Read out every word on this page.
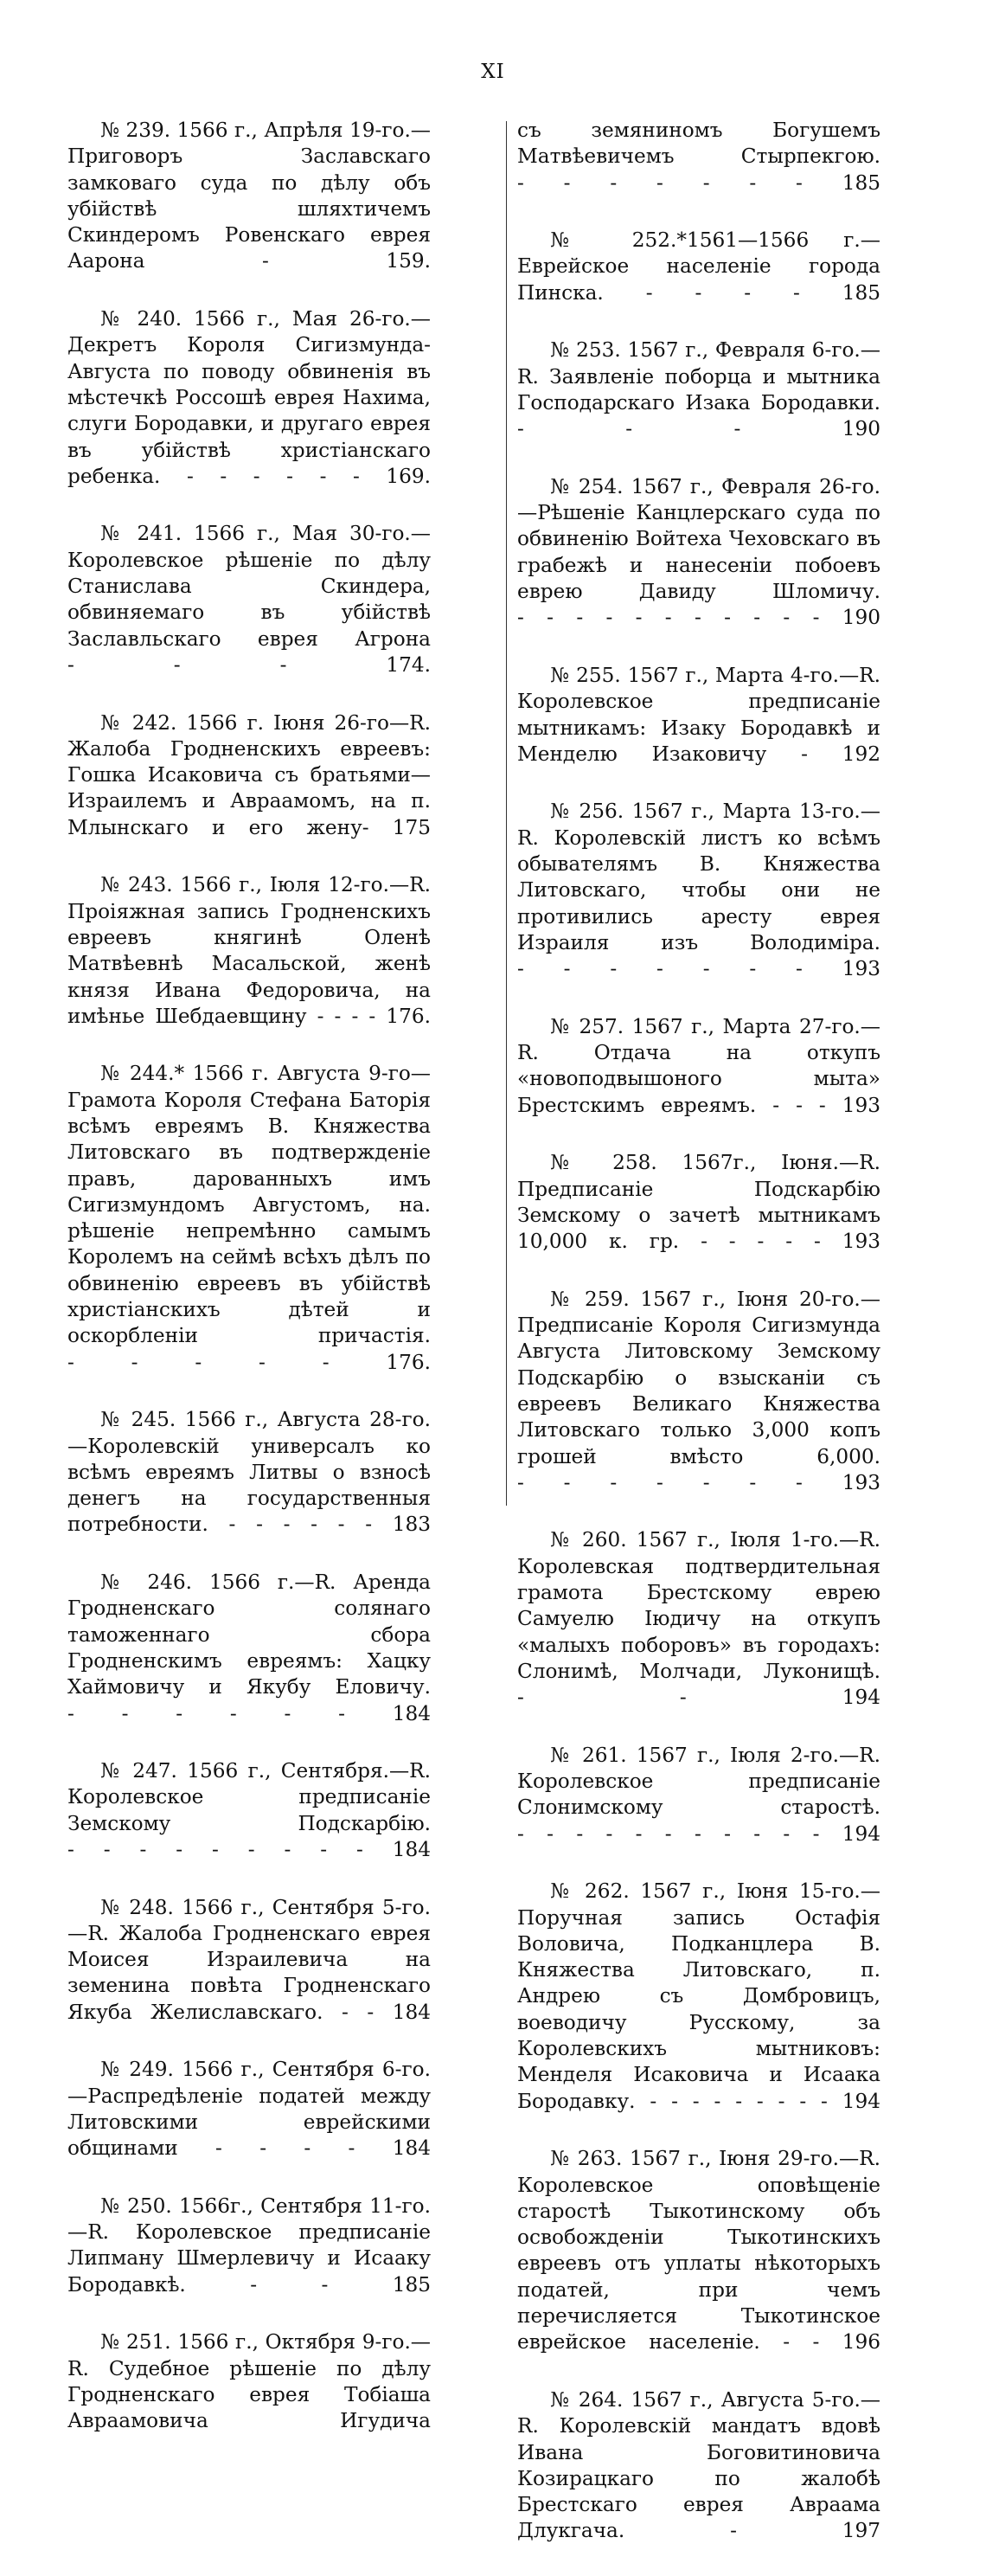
XI

№ 239. 1566 г., Апрѣля 19-го.—Приговоръ Заславскаго замковаго суда по дѣлу объ убійствѣ шляхтичемъ Скиндеромъ Ровенскаго еврея Аарона	- 159.

№ 240. 1566 г., Мая 26-го.—Декретъ Короля Сигизмунда-Августа по поводу обвиненія въ мѣстечкѣ Россошѣ еврея Нахима, слуги Бородавки, и другаго еврея въ убійствѣ христіанскаго ребенка. - - - - - - 169.

№ 241. 1566 г., Мая 30-го.—Королевское рѣшеніе по дѣлу Станислава Скиндера, обвиняемаго въ убійствѣ Заславльскаго еврея Агрона - - - 174.

№ 242. 1566 г. Іюня 26-го—R. Жалоба Гродненскихъ евреевъ: Гошка Исаковича съ братьями—Израилемъ и Авраамомъ, на п. Млынскаго и его жену- 175

№ 243. 1566 г., Іюля 12-го.—R. Проіяжная запись Гродненскихъ евреевъ княгинѣ Оленѣ Матвѣевнѣ Масальской, женѣ князя Ивана Федоровича, на имѣнье Шебдаевщину - - - - 176.

№ 244.* 1566 г. Августа 9-го—Грамота Короля Стефана Баторія всѣмъ евреямъ В. Княжества Литовскаго въ подтвержденіе правъ, дарованныхъ имъ Сигизмундомъ Августомъ, на. рѣшеніе непремѣнно самымъ Королемъ на сеймѣ всѣхъ дѣлъ по обвиненію евреевъ въ убійствѣ христіанскихъ дѣтей и оскорбленіи причастія. - - - - - 176.

№ 245. 1566 г., Августа 28-го.—Королевскій универсалъ ко всѣмъ евреямъ Литвы о взносѣ денегъ на государственныя потребности. - - - - - - 183

№ 246. 1566 г.—R. Аренда Гродненскаго солянаго таможеннаго сбора Гродненскимъ евреямъ: Хацку Хаймовичу и Якубу Еловичу. - - - - - - 184

№ 247. 1566 г., Сентября.—R. Королевское предписаніе Земскому Подскарбію. - - - - - - - - - 184

№ 248. 1566 г., Сентября 5-го.—R. Жалоба Гродненскаго еврея Моисея Израилевича на земенина повѣта Гродненскаго Якуба Желиславскаго. - - 184

№ 249. 1566 г., Сентября 6-го.—Распредѣленіе податей между Литовскими еврейскими общинами - - - - 184

№ 250. 1566г., Сентября 11-го.—R. Королевское предписаніе Липману Шмерлевичу и Исааку Бородавкѣ.	- - 185

№ 251. 1566 г., Октября 9-го.—R. Судебное рѣшеніе по дѣлу Гродненскаго еврея Тобіаша Авраамовича Игудича

съ земяниномъ Богушемъ Матвѣевичемъ Стырпекгою. - - - - - - - 185

№ 252.*1561—1566 г.—Еврейское населеніе города Пинска. - - - - 185

№ 253. 1567 г., Февраля 6-го.—R. Заявленіе поборца и мытника Господарскаго Изака Бородавки. - - - 190

№ 254. 1567 г., Февраля 26-го.—Рѣшеніе Канцлерскаго суда по обвиненію Войтеха Чеховскаго въ грабежѣ и нанесеніи побоевъ еврею Давиду Шломичу. - - - - - - - - - - - 190

№ 255. 1567 г., Марта 4-го.—R. Королевское предписаніе мытникамъ: Изаку Бородавкѣ и Менделю Изаковичу - 192

№ 256. 1567 г., Марта 13-го.—R. Королевскій листъ ко всѣмъ обывателямъ В. Княжества Литовскаго, чтобы они не противились аресту еврея Израиля изъ Володиміра. - - - - - - - 193

№ 257. 1567 г., Марта 27-го.—R. Отдача на откупъ «новоподвышоного мыта» Брестскимъ евреямъ. - - - 193

№ 258. 1567г., Іюня.—R. Предписаніе Подскарбію Земскому о зачетѣ мытникамъ 10,000 к. гр. - - - - - 193

№ 259. 1567 г., Іюня 20-го.—Предписаніе Короля Сигизмунда Августа Литовскому Земскому Подскарбію о взысканіи съ евреевъ Великаго Княжества Литовскаго только 3,000 копъ грошей вмѣсто 6,000. - - - - - - - 193

№ 260. 1567 г., Іюля 1-го.—R. Королевская подтвердительная грамота Брестскому еврею Самуелю Іюдичу на откупъ «малыхъ поборовъ» въ городахъ: Слонимѣ, Молчади, Луконищѣ. - - 194

№ 261. 1567 г., Іюля 2-го.—R. Королевское предписаніе Слонимскому старостѣ. - - - - - - - - - - - 194

№ 262. 1567 г., Іюня 15-го.—Поручная запись Остафія Воловича, Подканцлера В. Княжества Литовскаго, п. Андрею съ Домбровицъ, воеводичу Русскому, за Королевскихъ мытниковъ: Менделя Исаковича и Исаака Бородавку. - - - - - - - - - 194

№ 263. 1567 г., Іюня 29-го.—R. Королевское оповѣщеніе старостѣ Тыкотинскому объ освобожденіи Тыкотинскихъ евреевъ отъ уплаты нѣкоторыхъ податей, при чемъ перечисляется Тыкотинское еврейское населеніе. - - 196

№ 264. 1567 г., Августа 5-го.—R. Королевскій мандатъ вдовѣ Ивана Боговитиновича Козирацкаго по жалобѣ Брестскаго еврея Авраама Длукгача.	- 197
